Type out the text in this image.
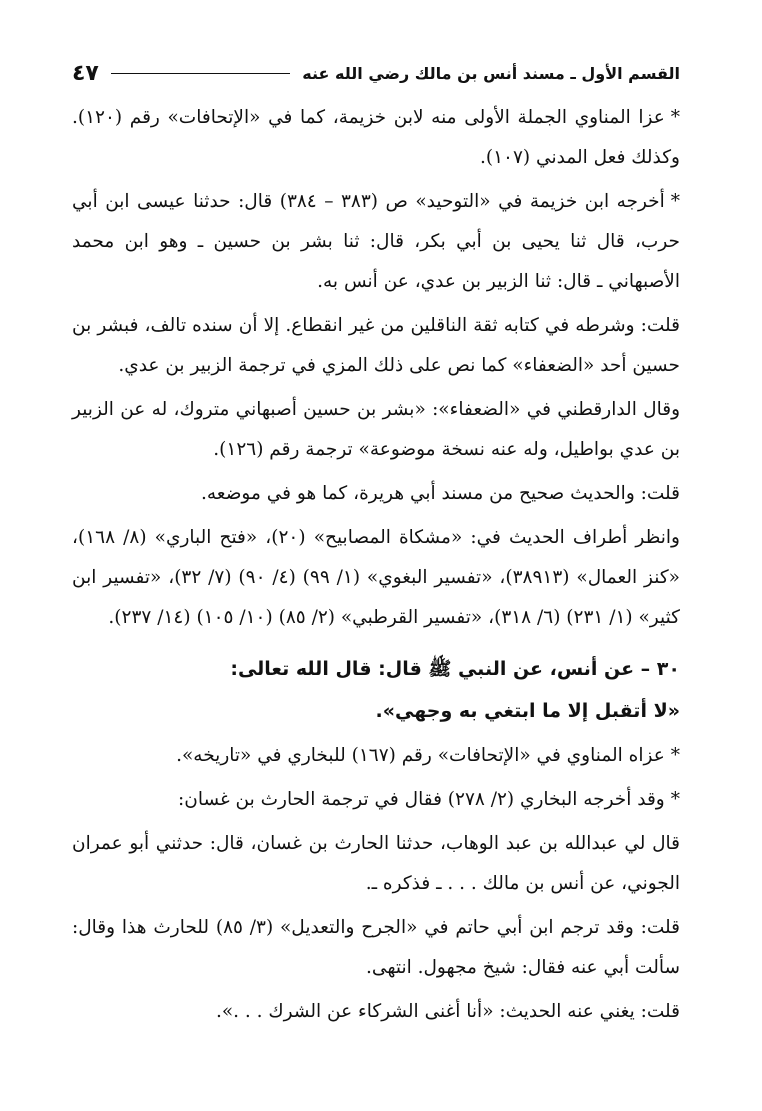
القسم الأول ـ مسند أنس بن مالك رضي الله عنه
٤٧

*عزا المناوي الجملة الأولى منه لابن خزيمة، كما في «الإتحافات» رقم (١٢٠). وكذلك فعل المدني (١٠٧).

*أخرجه ابن خزيمة في «التوحيد» ص (٣٨٣ – ٣٨٤) قال: حدثنا عيسى ابن أبي حرب، قال ثنا يحيى بن أبي بكر، قال: ثنا بشر بن حسين ـ وهو ابن محمد الأصبهاني ـ قال: ثنا الزبير بن عدي، عن أنس به.

قلت: وشرطه في كتابه ثقة الناقلين من غير انقطاع. إلا أن سنده تالف، فبشر بن حسين أحد «الضعفاء» كما نص على ذلك المزي في ترجمة الزبير بن عدي.

وقال الدارقطني في «الضعفاء»: «بشر بن حسين أصبهاني متروك، له عن الزبير بن عدي بواطيل، وله عنه نسخة موضوعة» ترجمة رقم (١٢٦).

قلت: والحديث صحيح من مسند أبي هريرة، كما هو في موضعه.

وانظر أطراف الحديث في: «مشكاة المصابيح» (٢٠)، «فتح الباري» (٨/ ١٦٨)، «كنز العمال» (٣٨٩١٣)، «تفسير البغوي» (١/ ٩٩) (٤/ ٩٠) (٧/ ٣٢)، «تفسير ابن كثير» (١/ ٢٣١) (٦/ ٣١٨)، «تفسير القرطبي» (٢/ ٨٥) (١٠/ ١٠٥) (١٤/ ٢٣٧).

٣٠ – عن أنس، عن النبي ﷺ قال: قال الله تعالى:

«لا أتقبل إلا ما ابتغي به وجهي».

*عزاه المناوي في «الإتحافات» رقم (١٦٧) للبخاري في «تاريخه».

*وقد أخرجه البخاري (٢/ ٢٧٨) فقال في ترجمة الحارث بن غسان:

قال لي عبدالله بن عبد الوهاب، حدثنا الحارث بن غسان، قال: حدثني أبو عمران الجوني، عن أنس بن مالك . . . ـ فذكره ـ.

قلت: وقد ترجم ابن أبي حاتم في «الجرح والتعديل» (٣/ ٨٥) للحارث هذا وقال: سألت أبي عنه فقال: شيخ مجهول. انتهى.

قلت: يغني عنه الحديث: «أنا أغنى الشركاء عن الشرك . . .».
